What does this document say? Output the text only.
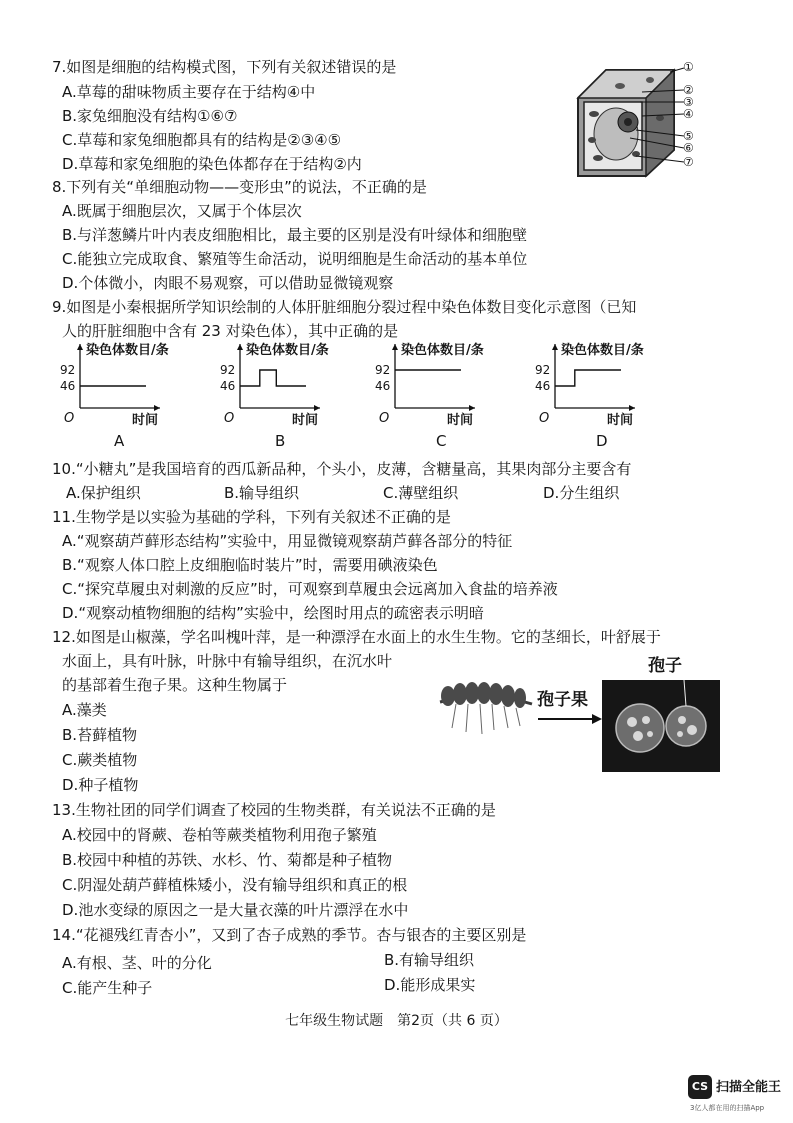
7.如图是细胞的结构模式图，下列有关叙述错误的是
A.草莓的甜味物质主要存在于结构④中
B.家兔细胞没有结构①⑥⑦
C.草莓和家兔细胞都具有的结构是②③④⑤
D.草莓和家兔细胞的染色体都存在于结构②内
①
②
③
④
⑤
⑥
⑦
8.下列有关“单细胞动物——变形虫”的说法，不正确的是
A.既属于细胞层次，又属于个体层次
B.与洋葱鳞片叶内表皮细胞相比，最主要的区别是没有叶绿体和细胞壁
C.能独立完成取食、繁殖等生命活动，说明细胞是生命活动的基本单位
D.个体微小，肉眼不易观察，可以借助显微镜观察
9.如图是小秦根据所学知识绘制的人体肝脏细胞分裂过程中染色体数目变化示意图（已知
人的肝脏细胞中含有 23 对染色体），其中正确的是
染色体数目/条
时间
O
46
92
染色体数目/条
时间
O
46
92
染色体数目/条
时间
O
46
92
染色体数目/条
时间
O
46
92
A	B	C	D
10.“小糖丸”是我国培育的西瓜新品种，个头小，皮薄，含糖量高，其果肉部分主要含有
A.保护组织	B.输导组织	C.薄壁组织	D.分生组织
11.生物学是以实验为基础的学科，下列有关叙述不正确的是
A.“观察葫芦藓形态结构”实验中，用显微镜观察葫芦藓各部分的特征
B.“观察人体口腔上皮细胞临时装片”时，需要用碘液染色
C.“探究草履虫对刺激的反应”时，可观察到草履虫会远离加入食盐的培养液
D.“观察动植物细胞的结构”实验中，绘图时用点的疏密表示明暗
12.如图是山椒藻，学名叫槐叶萍，是一种漂浮在水面上的水生生物。它的茎细长，叶舒展于
水面上，具有叶脉，叶脉中有输导组织，在沉水叶
的基部着生孢子果。这种生物属于
A.藻类
B.苔藓植物
C.蕨类植物
D.种子植物
孢子果
孢子
13.生物社团的同学们调查了校园的生物类群，有关说法不正确的是
A.校园中的肾蕨、卷柏等蕨类植物利用孢子繁殖
B.校园中种植的苏铁、水杉、竹、菊都是种子植物
C.阴湿处葫芦藓植株矮小，没有输导组织和真正的根
D.池水变绿的原因之一是大量衣藻的叶片漂浮在水中
14.“花褪残红青杏小”，又到了杏子成熟的季节。杏与银杏的主要区别是
A.有根、茎、叶的分化	B.有输导组织
C.能产生种子	D.能形成果实
七年级生物试题　第2页（共 6 页）
CS 扫描全能王
3亿人都在用的扫描App
